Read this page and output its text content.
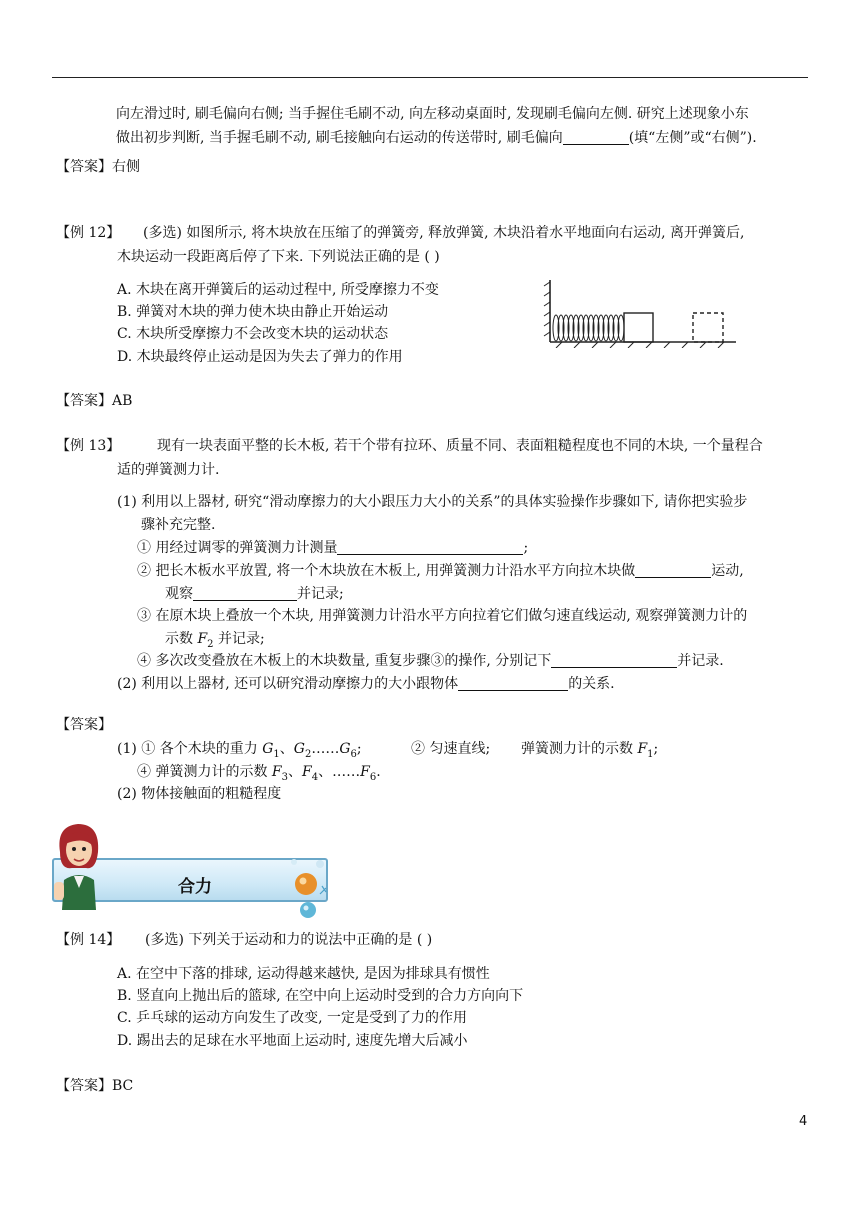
向左滑过时, 刷毛偏向右侧; 当手握住毛刷不动, 向左移动桌面时, 发现刷毛偏向左侧. 研究上述现象小东
做出初步判断, 当手握毛刷不动, 刷毛接触向右运动的传送带时, 刷毛偏向	(填“左侧”或“右侧”).
【答案】右侧
【例 12】 (多选) 如图所示, 将木块放在压缩了的弹簧旁, 释放弹簧, 木块沿着水平地面向右运动, 离开弹簧后,
木块运动一段距离后停了下来. 下列说法正确的是 ( )
A. 木块在离开弹簧后的运动过程中, 所受摩擦力不变
B. 弹簧对木块的弹力使木块由静止开始运动
C. 木块所受摩擦力不会改变木块的运动状态
D. 木块最终停止运动是因为失去了弹力的作用
【答案】AB
【例 13】	现有一块表面平整的长木板, 若干个带有拉环、质量不同、表面粗糙程度也不同的木块, 一个量程合
适的弹簧测力计.
(1) 利用以上器材, 研究“滑动摩擦力的大小跟压力大小的关系”的具体实验操作步骤如下, 请你把实验步
骤补充完整.
① 用经过调零的弹簧测力计测量	;
② 把长木板水平放置, 将一个木块放在木板上, 用弹簧测力计沿水平方向拉木块做	运动,
观察	并记录;
③ 在原木块上叠放一个木块, 用弹簧测力计沿水平方向拉着它们做匀速直线运动, 观察弹簧测力计的
示数 $F_2$ 并记录;
④ 多次改变叠放在木板上的木块数量, 重复步骤③的操作, 分别记下	并记录.
(2) 利用以上器材, 还可以研究滑动摩擦力的大小跟物体	的关系.
【答案】
(1) ① 各个木块的重力 $G_1$、$G_2\dots\dots G_6$;	② 匀速直线; 弹簧测力计的示数 $F_1$;
④ 弹簧测力计的示数 $F_3$、$F_4$、$\dots\dots F_6$.
(2) 物体接触面的粗糙程度
合力
【例 14】 (多选) 下列关于运动和力的说法中正确的是 ( )
A. 在空中下落的排球, 运动得越来越快, 是因为排球具有惯性
B. 竖直向上抛出后的篮球, 在空中向上运动时受到的合力方向向下
C. 乒乓球的运动方向发生了改变, 一定是受到了力的作用
D. 踢出去的足球在水平地面上运动时, 速度先增大后减小
【答案】BC
4
